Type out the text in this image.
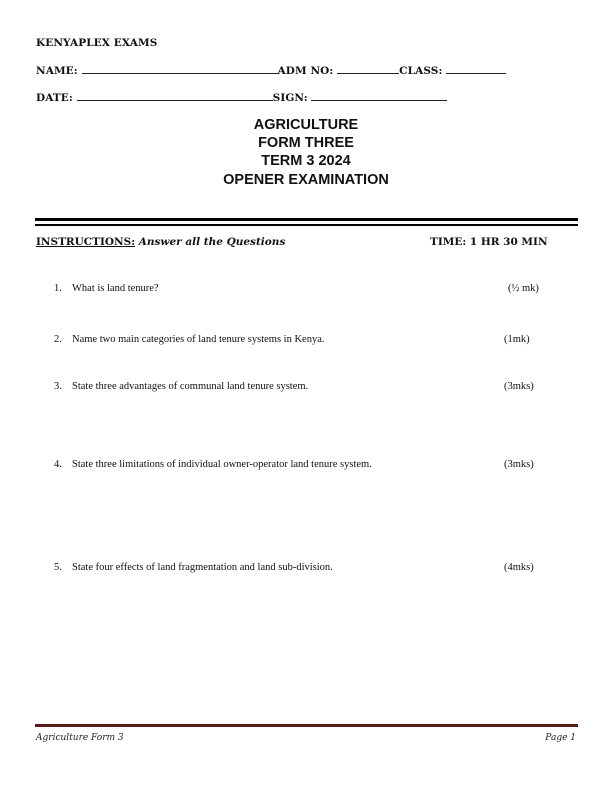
KENYAPLEX EXAMS
NAME:	ADM NO:	CLASS:
DATE:	SIGN:
AGRICULTURE
FORM THREE
TERM 3 2024
OPENER EXAMINATION
INSTRUCTIONS: Answer all the Questions	TIME: 1 HR 30 MIN
1. What is land tenure?	(½ mk)
2. Name two main categories of land tenure systems in Kenya.	(1mk)
3. State three advantages of communal land tenure system.	(3mks)
4. State three limitations of individual owner-operator land tenure system.	(3mks)
5. State four effects of land fragmentation and land sub-division.	(4mks)
Agriculture Form 3	Page 1
